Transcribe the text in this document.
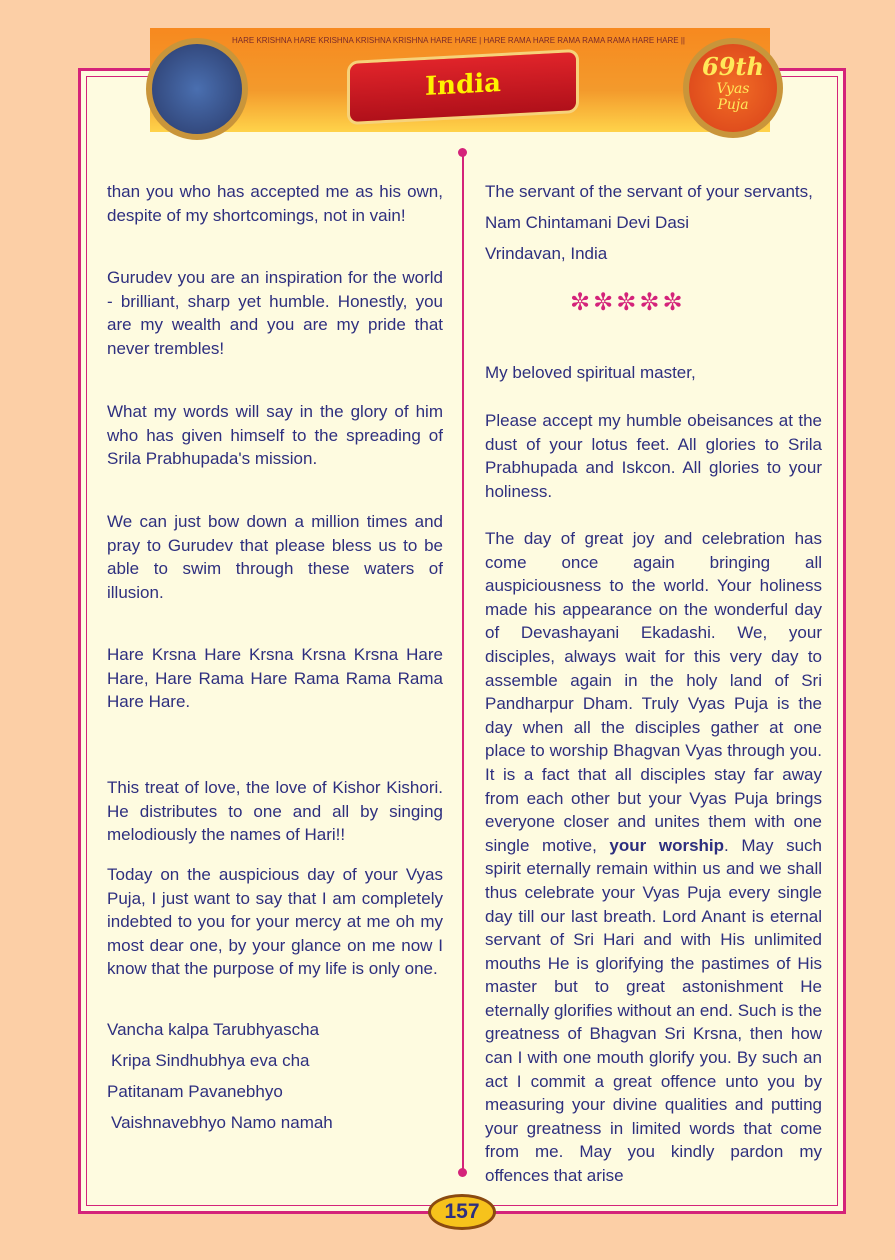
HARE KRISHNA HARE KRISHNA KRISHNA KRISHNA HARE HARE | HARE RAMA HARE RAMA RAMA RAMA HARE HARE ||
India
69th
Vyas
Puja
than you who has accepted me as his own, despite of my shortcomings, not in vain!
Gurudev you are an inspiration for the world - brilliant, sharp yet humble. Honestly, you are my wealth and you are my pride that never trembles!
What my words will say in the glory of him who has given himself to the spreading of Srila Prabhupada's mission.
We can just bow down a million times and pray to Gurudev that please bless us to be able to swim through these waters of illusion.
Hare Krsna Hare Krsna Krsna Krsna Hare Hare, Hare Rama Hare Rama Rama Rama Hare Hare.
This treat of love, the love of Kishor Kishori. He distributes to one and all by singing melodiously the names of Hari!!
Today on the auspicious day of your Vyas Puja, I just want to say that I am completely indebted to you for your mercy at me oh my most dear one, by your glance on me now I know that the purpose of my life is only one.
Vancha kalpa Tarubhyascha
Kripa Sindhubhya eva cha
Patitanam Pavanebhyo
Vaishnavebhyo Namo namah
The servant of the servant of your servants,
Nam Chintamani Devi Dasi
Vrindavan, India
✼✼✼✼✼
My beloved spiritual master,
Please accept my humble obeisances at the dust of your lotus feet. All glories to Srila Prabhupada and Iskcon. All glories to your holiness.
The day of great joy and celebration has come once again bringing all auspiciousness to the world. Your holiness made his appearance on the wonderful day of Devashayani Ekadashi. We, your disciples, always wait for this very day to assemble again in the holy land of Sri Pandharpur Dham. Truly Vyas Puja is the day when all the disciples gather at one place to worship Bhagvan Vyas through you. It is a fact that all disciples stay far away from each other but your Vyas Puja brings everyone closer and unites them with one single motive, your worship. May such spirit eternally remain within us and we shall thus celebrate your Vyas Puja every single day till our last breath. Lord Anant is eternal servant of Sri Hari and with His unlimited mouths He is glorifying the pastimes of His master but to great astonishment He eternally glorifies without an end. Such is the greatness of Bhagvan Sri Krsna, then how can I with one mouth glorify you. By such an act I commit a great offence unto you by measuring your divine qualities and putting your greatness in limited words that come from me. May you kindly pardon my offences that arise
157
